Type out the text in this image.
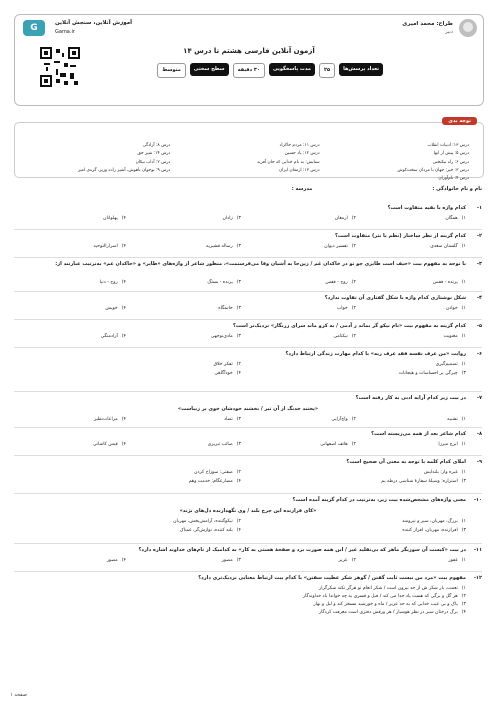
طراح: محمد امیری
دبیر
آموزش آنلاین، سنجش آنلاین
Gama.ir
G
آزمون آنلاین فارسی هشتم تا درس ۱۴
تعداد پرسش‌ها
۲۵
مدت پاسخگویی
۳۰ دقیقه
سطح سختی
متوسط
توجه بدی
درس ۱۳: ادبیات انقلاب
درس ۱۱: مردم خاکزاد
درس ۸: آزادگی
درس ۵: پیش از انها
درس ۱۲: یاد حسین
درس ۱۴: شیر حق
درس ۶: راه نیکبختی
ستایش: به نام خدایی که جان آفرید
درس ۲: آداب نیکان
درس ۳: خیر: جهان با مردان سخت‌کوش
درس ۱۳: ارمغان ایران
درس ۹: نوجوان باهوش، آشپز زاده وزیر، گره‌ی امیر
درس ۴: نام‌آوران
نام و نام خانوادگی :
مدرسه :
۱-
کدام واژه با بقیه متفاوت است؟
۱)همگان
۲)ارمغان
۳)زادان
۴)پهلوانان
۲-
کدام گزینه از نظر ساختار (نظم یا نثر) متفاوت است؟
۱)گلستان سعدی
۲)تفسیر دیوان
۳)رساله قشیریه
۴)اسرارالتوحید
۳-
با توجه به مفهوم بیت «حیف است طایری چو تو در خاکدان غم / زین‌جا به آشیان وفا می‌فرستمت»، منظور شاعر از واژه‌های «طایر» و «خاکدان غم» به‌ترتیب عبارتند از:
۱)پرنده - قفس
۲)روح - قفس
۳)پرنده - بستگ
۴)روح - دنیا
۴-
شکل نوشتاری کدام واژه با شکل گفتاری آن تفاوت ندارد؟
۱)خوادن
۲)خواب
۳)خانمگاه
۴)خویش
۵-
کدام گزینه به مفهوم بیت «نام نیکو گر بماند ز آدمی / به کزو ماند سرای زرنگار» نزدیک‌تر است؟
۱)معنویت
۲)نیکنامی
۳)مادی‌نوجهی
۴)آزادمنگی
۶-
روایت «من عرف نفسه فقد عرف ربه» با کدام مهارت زندگی ارتباط دارد؟
۱)تصمیم‌گیری
۲)تفکر خلاق
۳)چیرگی بر احساسات و هیجانات
۴)خودآگاهی
۷-
در بیت زیر کدام آرایه ادبی به کار رفته است؟
«پختند خدنگ از آن تیر / بخشند خودشان خوی بر زیباست»
۱)تشبیه
۲)واج‌آرایی
۳)تضاد
۴)مراعات‌نظیر
۸-
کدام شاعر بعد از همه می‌زیسته است؟
۱)ایرج میرزا
۲)هاتف اصفهانی
۳)صائب تبریزی
۴)قیس کاشانی
۹-
املای کدام کلمه با توجه به معنی آن صحیح است؟
۱)غیره وار: بلندایش
۲)صفتی: سوزاخ کردن
۳)استراره: وسیلهٔ سفارهٔ شناسی درطه بم
۴)مضارعگام: خدمت وهم
۱۰-
معنی واژه‌های مشخص‌شده بیت زیر، به‌ترتیب در کدام گزینه آمده است؟
«کای فرازنده این چرخ بلند / وی نگهدارنده دل‌های نژند»
۱)بزرگ، مهربان، سپر و نیرومند
۲)نیکوگننده، آرامش‌بخش، مهربان
۳)افرازنده، مهربان، افراز کننده
۴)بلند کننده، نوازش‌گر، غمناک
۱۱-
در بیت «کیست آن سوزنگر ماهر که بی‌تقلید غیر / این همه صورت برد و صفحهٔ هستی به کار» به کدامیک از نام‌های خداوند اشاره دارد؟
۱)غفور
۲)عزیز
۳)مصور
۴)مصور
۱۲-
مفهوم بیت «مرد من نیست ثابت گفتن / گوهر شکر عطیت سفتن» با کدام بیت ارتباط معنایی نزدیک‌تری دارد؟
۱)نعمت، بار شکر ش از حد بیرون است / شکر انعام تو هرگز نکند شکرگزار
۲)هر گل و برگی که هست یاد خدا می کند / قبل و قسری به چه خواندا یاد خداوندگار
۳)پاک و بی عیب خدایی که به حد عزیز / ماه و خورشید مسخر کند و لیل و نهار
۴)برگ درختان سبز در نظر هوشیار / هر ورقش دفتری است معرفت کردگار
صفحه ۱
